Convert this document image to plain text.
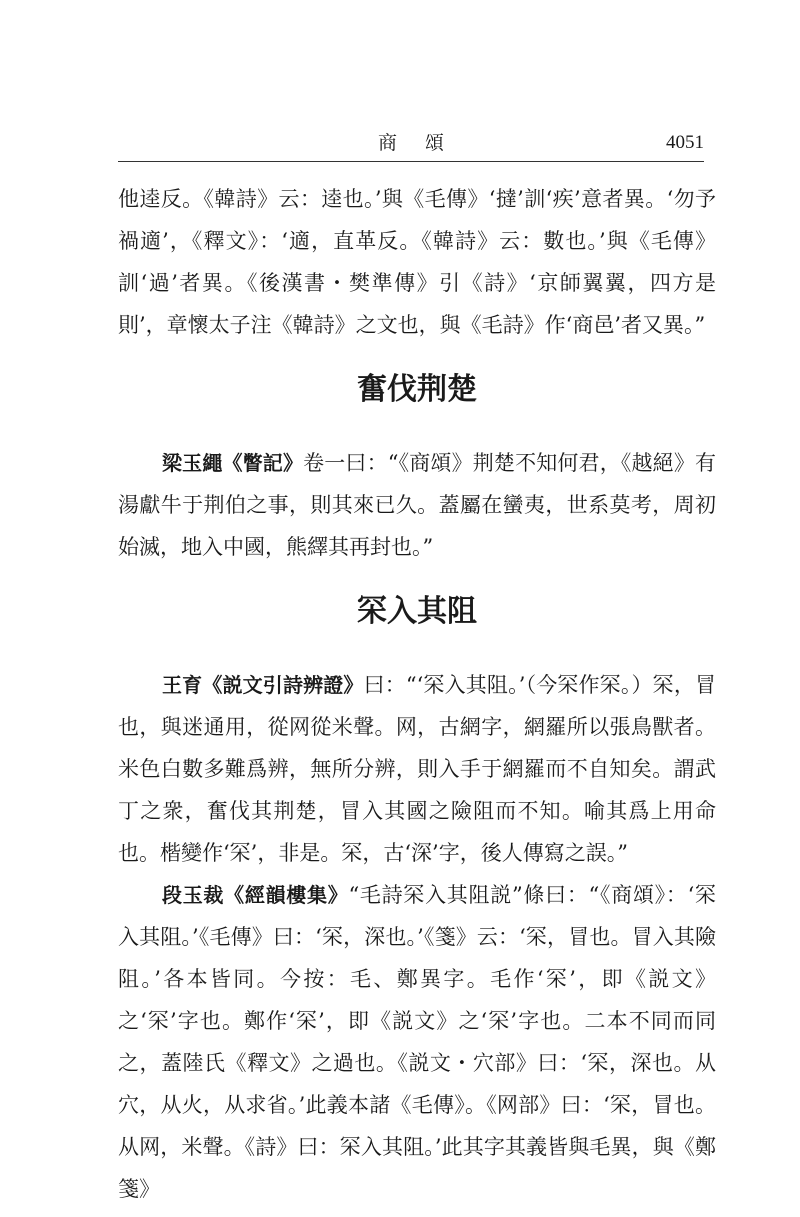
商頌	4051

他逵反。《韓詩》云：逵也。’與《毛傳》‘撻’訓‘疾’意者異。‘勿予禍適’，《釋文》：‘適，直革反。《韓詩》云：數也。’與《毛傳》訓‘過’者異。《後漢書・樊準傳》引《詩》‘京師翼翼，四方是則’，章懷太子注《韓詩》之文也，與《毛詩》作‘商邑’者又異。”

奮伐荆楚

梁玉繩《瞥記》卷一曰：“《商頌》荆楚不知何君，《越絕》有湯獻牛于荆伯之事，則其來已久。蓋屬在蠻夷，世系莫考，周初始滅，地入中國，熊繹其再封也。”

罙入其阻

王育《説文引詩辨證》曰：“‘罙入其阻。’（今罙作罙。）罙，冒也，與迷通用，從网從米聲。网，古網字，網羅所以張鳥獸者。米色白數多難爲辨，無所分辨，則入手于網羅而不自知矣。謂武丁之衆，奮伐其荆楚，冒入其國之險阻而不知。喻其爲上用命也。楷變作‘罙’，非是。罙，古‘深’字，後人傳寫之誤。”

段玉裁《經韻樓集》“毛詩罙入其阻説”條曰：“《商頌》：‘罙入其阻。’《毛傳》曰：‘罙，深也。’《箋》云：‘罙，冒也。冒入其險阻。’各本皆同。今按：毛、鄭異字。毛作‘罙’，即《説文》之‘罙’字也。鄭作‘罙’，即《説文》之‘罙’字也。二本不同而同之，蓋陸氏《釋文》之過也。《説文・穴部》曰：‘罙，深也。从穴，从火，从求省。’此義本諸《毛傳》。《网部》曰：‘罙，冒也。从网，米聲。《詩》曰：罙入其阻。’此其字其義皆與毛異，與《鄭箋》
